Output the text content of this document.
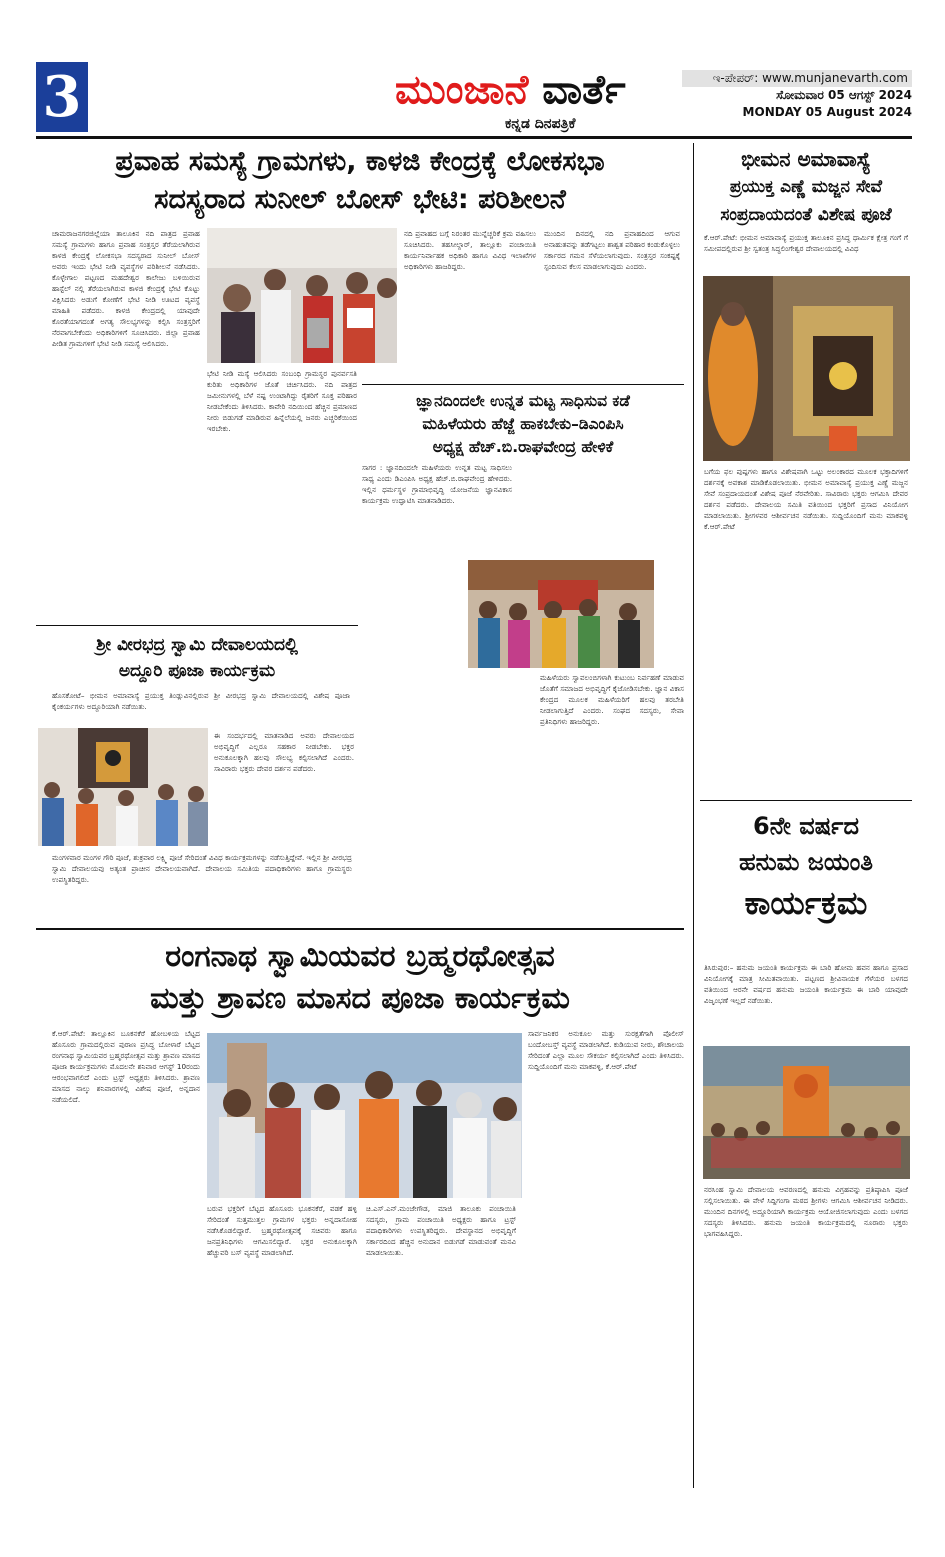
3	ಮುಂಜಾನೆ ವಾರ್ತೆ
ಕನ್ನಡ ದಿನಪತ್ರಿಕೆ
ಇ-ಪೇಪರ್: www.munjanevarth.com
ಸೋಮವಾರ 05 ಆಗಸ್ಟ್ 2024
MONDAY 05 August 2024
ಪ್ರವಾಹ ಸಮಸ್ಯೆ ಗ್ರಾಮಗಳು, ಕಾಳಜಿ ಕೇಂದ್ರಕ್ಕೆ ಲೋಕಸಭಾ
ಸದಸ್ಯರಾದ ಸುನೀಲ್ ಬೋಸ್ ಭೇಟಿ: ಪರಿಶೀಲನೆ
ಚಾಮರಾಜನಗರಜಿಲ್ಲೆಯಾ ತಾಲೂಕಿನ ನದಿ ಪಾತ್ರದ ಪ್ರವಾಹ ಸಮಸ್ಯೆ ಗ್ರಾಮಗಳು ಹಾಗೂ ಪ್ರವಾಹ ಸಂತ್ರಸ್ತರ ತೆರೆಯಲಾಗಿರುವ ಕಾಳಜಿ ಕೇಂದ್ರಕ್ಕೆ ಲೋಕಸಭಾ ಸದಸ್ಯರಾದ ಸುನೀಲ್ ಬೋಸ್ ಅವರು ಇಂದು ಭೇಟಿ ನೀಡಿ ವ್ಯವಸ್ಥೆಗಳ ಪರಿಶೀಲನೆ ನಡೆಸಿದರು. ಕೊಳ್ಳೇಗಾಲ ಪಟ್ಟಣದ ಮಹದೇಶ್ವರ ಕಾಲೇಜು ಬಳಿಯಿರುವ ಹಾಸ್ಟೆಲ್ ನಲ್ಲಿ ತೆರೆಯಲಾಗಿರುವ ಕಾಳಜಿ ಕೇಂದ್ರಕ್ಕೆ ಭೇಟಿ ಕೊಟ್ಟು ವಿಕ್ಷಿಸಿದರು ಅಡುಗೆ ಕೋಣೆಗೆ ಭೇಟಿ ನೀಡಿ ಊಟದ ವ್ಯವಸ್ಥೆ ಮಾಹಿತಿ ಪಡೆದರು. ಕಾಳಜಿ ಕೇಂದ್ರದಲ್ಲಿ ಯಾವುದೇ ಕೊರತೆಯಾಗದಂತೆ ಅಗತ್ಯ ಸೌಲಭ್ಯಗಳನ್ನು ಕಲ್ಪಿಸಿ ಸಂತ್ರಸ್ತರಿಗೆ ನೆರವಾಗಬೇಕೆಂದು ಅಧಿಕಾರಿಗಳಿಗೆ ಸೂಚಿಸಿದರು. ಜಿಲ್ಲಾ ಪ್ರವಾಹ ಪೀಡಿತ ಗ್ರಾಮಗಳಿಗೆ ಭೇಟಿ ನೀಡಿ ಸಮಸ್ಯೆ ಆಲಿಸಿದರು.
ಭೇಟಿ ನೀಡಿ ಮಸ್ಯೆ ಆಲಿಸಿದರು ಸಂಬಂಧಿ ಗ್ರಾಮಸ್ಥರ ಪುನರ್ವಸತಿ ಕುರಿತು ಅಧಿಕಾರಿಗಳ ಜೊತೆ ಚರ್ಚಿಸಿದರು. ನದಿ ಪಾತ್ರದ ಜಮೀನುಗಳಲ್ಲಿ ಬೆಳೆ ನಷ್ಟ ಉಂಟಾಗಿದ್ದು ರೈತರಿಗೆ ಸೂಕ್ತ ಪರಿಹಾರ ನೀಡಬೇಕೆಂದು ತಿಳಿಸಿದರು. ಕಾವೇರಿ ನದಿಯಿಂದ ಹೆಚ್ಚಿನ ಪ್ರಮಾಣದ ನೀರು ಬಿಡುಗಡೆ ಮಾಡಿರುವ ಹಿನ್ನೆಲೆಯಲ್ಲಿ ಜನರು ಎಚ್ಚರಿಕೆಯಿಂದ ಇರಬೇಕು.
ನದಿ ಪ್ರವಾಹದ ಬಗ್ಗೆ ನಿರಂತರ ಮುನ್ನೆಚ್ಚರಿಕೆ ಕ್ರಮ ವಹಿಸಲು ಸೂಚಿಸಿದರು. ತಹಸೀಲ್ದಾರ್, ತಾಲ್ಲೂಕು ಪಂಚಾಯಿತಿ ಕಾರ್ಯನಿರ್ವಾಹಕ ಅಧಿಕಾರಿ ಹಾಗೂ ವಿವಿಧ ಇಲಾಖೆಗಳ ಅಧಿಕಾರಿಗಳು ಹಾಜರಿದ್ದರು.
ಮುಂದಿನ ದಿನದಲ್ಲಿ ನದಿ ಪ್ರವಾಹದಿಂದ ಆಗುವ ಅನಾಹುತವನ್ನು ತಡೆಗಟ್ಟಲು ಶಾಶ್ವತ ಪರಿಹಾರ ಕಂಡುಕೊಳ್ಳಲು ಸರ್ಕಾರದ ಗಮನ ಸೆಳೆಯಲಾಗುವುದು. ಸಂತ್ರಸ್ತರ ಸಂಕಷ್ಟಕ್ಕೆ ಸ್ಪಂದಿಸುವ ಕೆಲಸ ಮಾಡಲಾಗುವುದು ಎಂದರು.
ಜ್ಞಾನದಿಂದಲೇ ಉನ್ನತ ಮಟ್ಟ ಸಾಧಿಸುವ ಕಡೆ
ಮಹಿಳೆಯರು ಹೆಜ್ಜೆ ಹಾಕಬೇಕು–ಡಿಎಂಪಿಸಿ
ಅಧ್ಯಕ್ಷ ಹೆಚ್.ಬಿ.ರಾಘವೇಂದ್ರ ಹೇಳಿಕೆ
ಸಾಗರ : ಜ್ಞಾನದಿಂದಲೇ ಮಹಿಳೆಯರು ಉನ್ನತ ಮಟ್ಟ ಸಾಧಿಸಲು ಸಾಧ್ಯ ಎಂದು ಡಿಎಂಪಿಸಿ ಅಧ್ಯಕ್ಷ ಹೆಚ್.ಬಿ.ರಾಘವೇಂದ್ರ ಹೇಳಿದರು. ಇಲ್ಲಿನ ಧರ್ಮಸ್ಥಳ ಗ್ರಾಮಾಭಿವೃದ್ಧಿ ಯೋಜನೆಯ ಜ್ಞಾನವಿಕಾಸ ಕಾರ್ಯಕ್ರಮ ಉದ್ಘಾಟಿಸಿ ಮಾತನಾಡಿದರು.
ಮಹಿಳೆಯರು ಸ್ವಾವಲಂಬಿಗಳಾಗಿ ಕುಟುಂಬ ನಿರ್ವಹಣೆ ಮಾಡುವ ಜೊತೆಗೆ ಸಮಾಜದ ಅಭಿವೃದ್ಧಿಗೆ ಕೈಜೋಡಿಸಬೇಕು. ಜ್ಞಾನ ವಿಕಾಸ ಕೇಂದ್ರದ ಮೂಲಕ ಮಹಿಳೆಯರಿಗೆ ಹಲವು ತರಬೇತಿ ನೀಡಲಾಗುತ್ತಿದೆ ಎಂದರು. ಸಂಘದ ಸದಸ್ಯರು, ಸೇವಾ ಪ್ರತಿನಿಧಿಗಳು ಹಾಜರಿದ್ದರು.
ಶ್ರೀ ವೀರಭದ್ರ ಸ್ವಾಮಿ ದೇವಾಲಯದಲ್ಲಿ
ಅದ್ದೂರಿ ಪೂಜಾ ಕಾರ್ಯಕ್ರಮ
ಹೊಸಕೋಟೆ– ಭೀಮನ ಅಮಾವಾಸ್ಯೆ ಪ್ರಯುಕ್ತ ತಿಂಡ್ಲುವಿನಲ್ಲಿರುವ ಶ್ರೀ ವೀರಭದ್ರ ಸ್ವಾಮಿ ದೇವಾಲಯದಲ್ಲಿ ವಿಶೇಷ ಪೂಜಾ ಕೈಂಕರ್ಯಗಳು ಅದ್ದೂರಿಯಾಗಿ ನಡೆಯಿತು.
ಈ ಸಂದರ್ಭದಲ್ಲಿ ಮಾತನಾಡಿದ ಅವರು ದೇವಾಲಯದ ಅಭಿವೃದ್ಧಿಗೆ ಎಲ್ಲರೂ ಸಹಕಾರ ನೀಡಬೇಕು. ಭಕ್ತರ ಅನುಕೂಲಕ್ಕಾಗಿ ಹಲವು ಸೌಲಭ್ಯ ಕಲ್ಪಿಸಲಾಗಿದೆ ಎಂದರು. ಸಾವಿರಾರು ಭಕ್ತರು ದೇವರ ದರ್ಶನ ಪಡೆದರು.
ಮಂಗಳವಾರ ಮಂಗಳ ಗೌರಿ ಪೂಜೆ, ಶುಕ್ರವಾರ ಲಕ್ಷ್ಮಿ ಪೂಜೆ ಸೇರಿದಂತೆ ವಿವಿಧ ಕಾರ್ಯಕ್ರಮಗಳನ್ನು ನಡೆಸುತ್ತಿದ್ದೇವೆ. ಇಲ್ಲಿನ ಶ್ರೀ ವೀರಭದ್ರ ಸ್ವಾಮಿ ದೇವಾಲಯವು ಅತ್ಯಂತ ಪ್ರಾಚೀನ ದೇವಾಲಯವಾಗಿದೆ. ದೇವಾಲಯ ಸಮಿತಿಯ ಪದಾಧಿಕಾರಿಗಳು ಹಾಗೂ ಗ್ರಾಮಸ್ಥರು ಉಪಸ್ಥಿತರಿದ್ದರು.
ರಂಗನಾಥ ಸ್ವಾಮಿಯವರ ಬ್ರಹ್ಮರಥೋತ್ಸವ
ಮತ್ತು ಶ್ರಾವಣ ಮಾಸದ ಪೂಜಾ ಕಾರ್ಯಕ್ರಮ
ಕೆ.ಆರ್.ಪೇಟೆ: ತಾಲ್ಲೂಕಿನ ಬೂಕನಕೆರೆ ಹೋಬಳಿಯ ಬೆಟ್ಟದ ಹೊಸೂರು ಗ್ರಾಮದಲ್ಲಿರುವ ಪುರಾಣ ಪ್ರಸಿದ್ಧ ಬೋಳಾರೆ ಬೆಟ್ಟದ ರಂಗನಾಥ ಸ್ವಾಮಿಯವರ ಬ್ರಹ್ಮರಥೋತ್ಸವ ಮತ್ತು ಶ್ರಾವಣ ಮಾಸದ ಪೂಜಾ ಕಾರ್ಯಕ್ರಮಗಳು ಮೊದಲನೇ ಶನಿವಾರ ಆಗಸ್ಟ್ 10ರಂದು ಆರಂಭವಾಗಲಿದೆ ಎಂದು ಟ್ರಸ್ಟ್ ಅಧ್ಯಕ್ಷರು ತಿಳಿಸಿದರು. ಶ್ರಾವಣ ಮಾಸದ ನಾಲ್ಕು ಶನಿವಾರಗಳಲ್ಲಿ ವಿಶೇಷ ಪೂಜೆ, ಅನ್ನದಾನ ನಡೆಯಲಿದೆ.
ಬರುವ ಭಕ್ತರಿಗೆ ಬೆಟ್ಟದ ಹೊಸೂರು ಭೂಕನಕೆರೆ, ವಡಕೆ ಹಳ್ಳಿ ಸೇರಿದಂತೆ ಸುತ್ತಮುತ್ತಲ ಗ್ರಾಮಗಳ ಭಕ್ತರು ಅನ್ನದಾಸೋಹ ನಡೆಸಿಕೊಡಲಿದ್ದಾರೆ. ಬ್ರಹ್ಮರಥೋತ್ಸವಕ್ಕೆ ಸಚಿವರು ಹಾಗೂ ಜನಪ್ರತಿನಿಧಿಗಳು ಆಗಮಿಸಲಿದ್ದಾರೆ. ಭಕ್ತರ ಅನುಕೂಲಕ್ಕಾಗಿ ಹೆಚ್ಚುವರಿ ಬಸ್ ವ್ಯವಸ್ಥೆ ಮಾಡಲಾಗಿದೆ.
ಚಿ.ಎಸ್.ಎನ್.ಮಂಜೇಗೌಡ, ಮಾಜಿ ತಾಲೂಕು ಪಂಚಾಯಿತಿ ಸದಸ್ಯರು, ಗ್ರಾಮ ಪಂಚಾಯಿತಿ ಅಧ್ಯಕ್ಷರು ಹಾಗೂ ಟ್ರಸ್ಟ್ ಪದಾಧಿಕಾರಿಗಳು ಉಪಸ್ಥಿತರಿದ್ದರು. ದೇವಸ್ಥಾನದ ಅಭಿವೃದ್ಧಿಗೆ ಸರ್ಕಾರದಿಂದ ಹೆಚ್ಚಿನ ಅನುದಾನ ಬಿಡುಗಡೆ ಮಾಡುವಂತೆ ಮನವಿ ಮಾಡಲಾಯಿತು.
ಸಾರ್ವಜನಿಕರ ಅನುಕೂಲ ಮತ್ತು ಸುರಕ್ಷತೆಗಾಗಿ ಪೊಲೀಸ್ ಬಂದೋಬಸ್ತ್ ವ್ಯವಸ್ಥೆ ಮಾಡಲಾಗಿದೆ. ಕುಡಿಯುವ ನೀರು, ಶೌಚಾಲಯ ಸೇರಿದಂತೆ ಎಲ್ಲಾ ಮೂಲ ಸೌಕರ್ಯ ಕಲ್ಪಿಸಲಾಗಿದೆ ಎಂದು ತಿಳಿಸಿದರು. ಸುದ್ದಿಯೊಂದಿಗೆ ಮನು ಮಾಕವಳ್ಳಿ, ಕೆ.ಆರ್.ಪೇಟೆ
ಭೀಮನ ಅಮಾವಾಸ್ಯೆ
ಪ್ರಯುಕ್ತ ಎಣ್ಣೆ ಮಜ್ಜನ ಸೇವೆ
ಸಂಪ್ರದಾಯದಂತೆ ವಿಶೇಷ ಪೂಜೆ
ಕೆ.ಆರ್.ಪೇಟೆ: ಭೀಮನ ಅಮಾವಾಸ್ಯೆ ಪ್ರಯುಕ್ತ ತಾಲೂಕಿನ ಪ್ರಸಿದ್ಧ ಧಾರ್ಮಿಕ ಕ್ಷೇತ್ರ ಗಂಗೆ ಗೆ ಸಮೀಪದಲ್ಲಿರುವ ಶ್ರೀ ಸ್ವತಂತ್ರ ಸಿದ್ಧಲಿಂಗೇಶ್ವರ ದೇವಾಲಯದಲ್ಲಿ ವಿವಿಧ
ಬಗೆಯ ಫಲ ಪುಷ್ಪಗಳು ಹಾಗೂ ವಿಶೇಷವಾಗಿ ಒಟ್ಟು ಅಲಂಕಾರದ ಮೂಲಕ ಭಕ್ತಾದಿಗಳಿಗೆ ದರ್ಶನಕ್ಕೆ ಅವಕಾಶ ಮಾಡಿಕೊಡಲಾಯಿತು. ಭೀಮನ ಅಮಾವಾಸ್ಯೆ ಪ್ರಯುಕ್ತ ಎಣ್ಣೆ ಮಜ್ಜನ ಸೇವೆ ಸಂಪ್ರದಾಯದಂತೆ ವಿಶೇಷ ಪೂಜೆ ನೆರವೇರಿತು. ಸಾವಿರಾರು ಭಕ್ತರು ಆಗಮಿಸಿ ದೇವರ ದರ್ಶನ ಪಡೆದರು. ದೇವಾಲಯ ಸಮಿತಿ ವತಿಯಿಂದ ಭಕ್ತರಿಗೆ ಪ್ರಸಾದ ವಿನಿಯೋಗ ಮಾಡಲಾಯಿತು. ಶ್ರೀಗಳವರ ಆಶೀರ್ವಚನ ನಡೆಯಿತು. ಸುದ್ದಿಯೊಂದಿಗೆ ಮನು ಮಾಕವಳ್ಳಿ ಕೆ.ಆರ್.ಪೇಟೆ
6ನೇ ವರ್ಷದ
ಹನುಮ ಜಯಂತಿ
ಕಾರ್ಯಕ್ರಮ
ತಿಸಿರುಪುರ:– ಹನುಮ ಜಯಂತಿ ಕಾರ್ಯಕ್ರಮ ಈ ಬಾರಿ ಹೋಮ ಹವನ ಹಾಗೂ ಪ್ರಸಾದ ವಿನಿಯೋಗಕ್ಕೆ ಮಾತ್ರ ಸೀಮಿತವಾಯಿತು. ಪಟ್ಟಣದ ಶ್ರೀವಿನಾಯಕ ಗೆಳೆಯರ ಬಳಗದ ವತಿಯಿಂದ ಆರನೇ ವರ್ಷದ ಹನುಮ ಜಯಂತಿ ಕಾರ್ಯಕ್ರಮ ಈ ಬಾರಿ ಯಾವುದೇ ವಿಜೃಂಭಣೆ ಇಲ್ಲದೆ ನಡೆಯಿತು.
ನರಸಿಂಹ ಸ್ವಾಮಿ ದೇವಾಲಯ ಆವರಣದಲ್ಲಿ ಹನುಮ ವಿಗ್ರಹವನ್ನು ಪ್ರತಿಷ್ಠಾಪಿಸಿ ಪೂಜೆ ಸಲ್ಲಿಸಲಾಯಿತು. ಈ ವೇಳೆ ಸಿದ್ದಿಗಂಗಾ ಮಠದ ಶ್ರೀಗಳು ಆಗಮಿಸಿ ಆಶೀರ್ವಚನ ನೀಡಿದರು. ಮುಂದಿನ ದಿನಗಳಲ್ಲಿ ಅದ್ದೂರಿಯಾಗಿ ಕಾರ್ಯಕ್ರಮ ಆಯೋಜಿಸಲಾಗುವುದು ಎಂದು ಬಳಗದ ಸದಸ್ಯರು ತಿಳಿಸಿದರು. ಹನುಮ ಜಯಂತಿ ಕಾರ್ಯಕ್ರಮದಲ್ಲಿ ನೂರಾರು ಭಕ್ತರು ಭಾಗವಹಿಸಿದ್ದರು.
